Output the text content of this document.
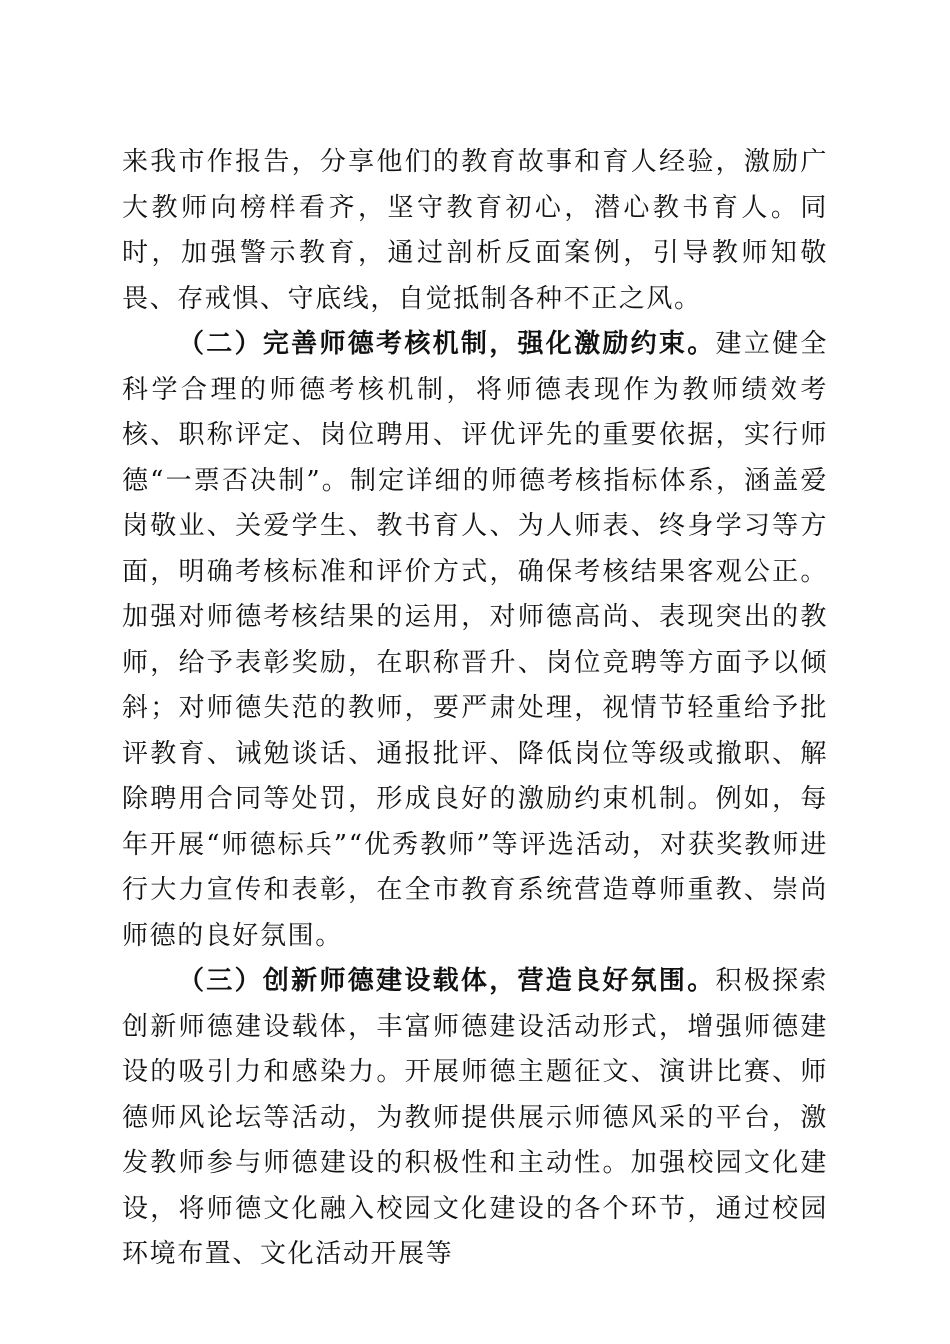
来我市作报告，分享他们的教育故事和育人经验，激励广大教师向榜样看齐，坚守教育初心，潜心教书育人。同时，加强警示教育，通过剖析反面案例，引导教师知敬畏、存戒惧、守底线，自觉抵制各种不正之风。

（二）完善师德考核机制，强化激励约束。建立健全科学合理的师德考核机制，将师德表现作为教师绩效考核、职称评定、岗位聘用、评优评先的重要依据，实行师德“一票否决制”。制定详细的师德考核指标体系，涵盖爱岗敬业、关爱学生、教书育人、为人师表、终身学习等方面，明确考核标准和评价方式，确保考核结果客观公正。加强对师德考核结果的运用，对师德高尚、表现突出的教师，给予表彰奖励，在职称晋升、岗位竞聘等方面予以倾斜；对师德失范的教师，要严肃处理，视情节轻重给予批评教育、诫勉谈话、通报批评、降低岗位等级或撤职、解除聘用合同等处罚，形成良好的激励约束机制。例如，每年开展“师德标兵”“优秀教师”等评选活动，对获奖教师进行大力宣传和表彰，在全市教育系统营造尊师重教、崇尚师德的良好氛围。

（三）创新师德建设载体，营造良好氛围。积极探索创新师德建设载体，丰富师德建设活动形式，增强师德建设的吸引力和感染力。开展师德主题征文、演讲比赛、师德师风论坛等活动，为教师提供展示师德风采的平台，激发教师参与师德建设的积极性和主动性。加强校园文化建设，将师德文化融入校园文化建设的各个环节，通过校园环境布置、文化活动开展等
